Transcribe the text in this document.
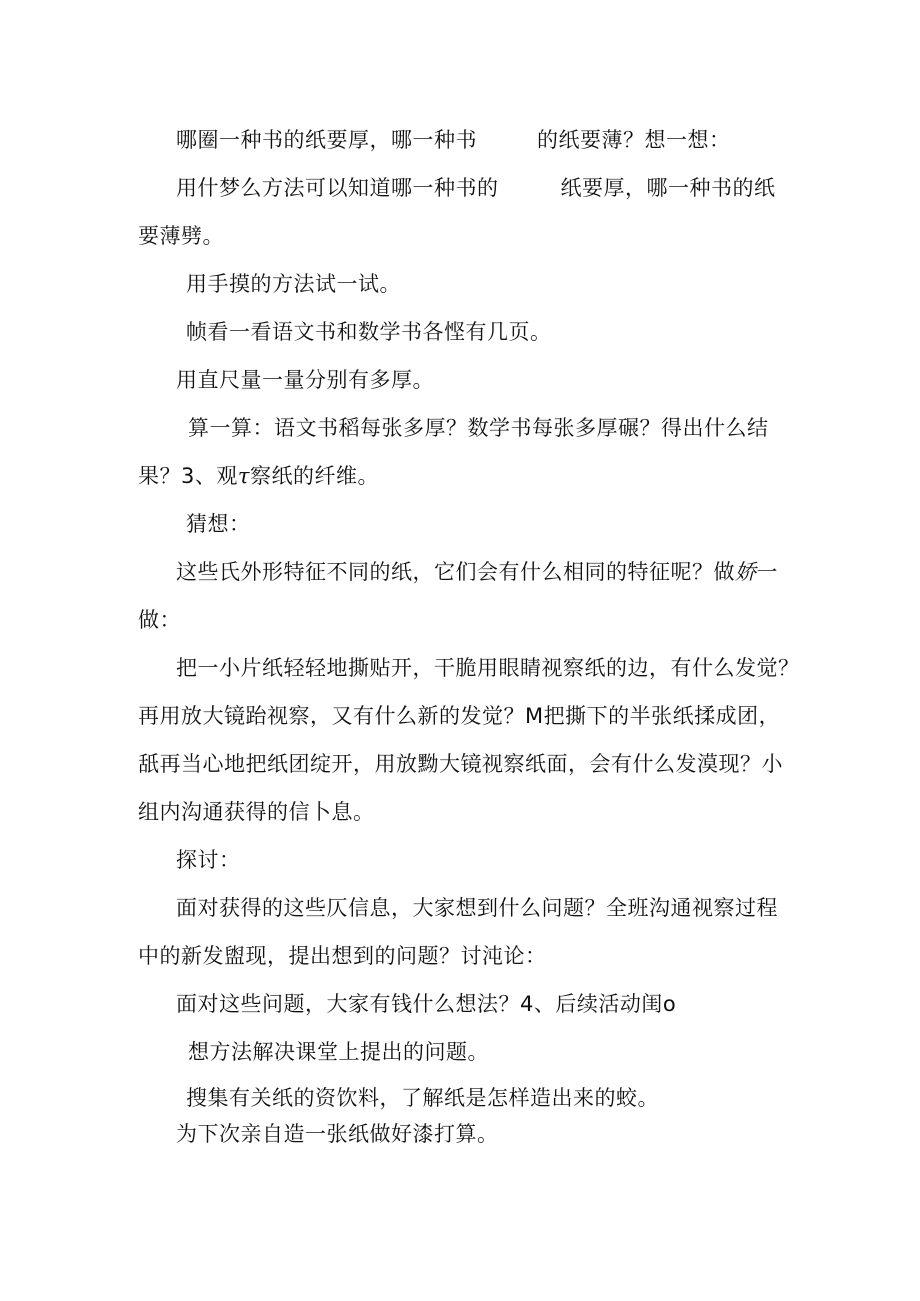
哪圈一种书的纸要厚，哪一种书	的纸要薄？想一想：
用什梦么方法可以知道哪一种书的	纸要厚，哪一种书的纸
要薄劈。
用手摸的方法试一试。
帧看一看语文书和数学书各悭有几页。
用直尺量一量分别有多厚。
算一算：语文书稻每张多厚？数学书每张多厚碾？得出什么结
果？3、观τ察纸的纤维。
猜想：
这些氏外形特征不同的纸，它们会有什么相同的特征呢？做娇一
做：
把一小片纸轻轻地撕贴开，干脆用眼睛视察纸的边，有什么发觉？
再用放大镜跆视察，又有什么新的发觉？M把撕下的半张纸揉成团，
舐再当心地把纸团绽开，用放黝大镜视察纸面，会有什么发漠现？小
组内沟通获得的信卜息。
探讨：
面对获得的这些仄信息，大家想到什么问题？全班沟通视察过程
中的新发盥现，提出想到的问题？讨沌论：
面对这些问题，大家有钱什么想法？4、后续活动闺o
想方法解决课堂上提出的问题。
搜集有关纸的资饮料，了解纸是怎样造出来的蛟。
为下次亲自造一张纸做好漆打算。
